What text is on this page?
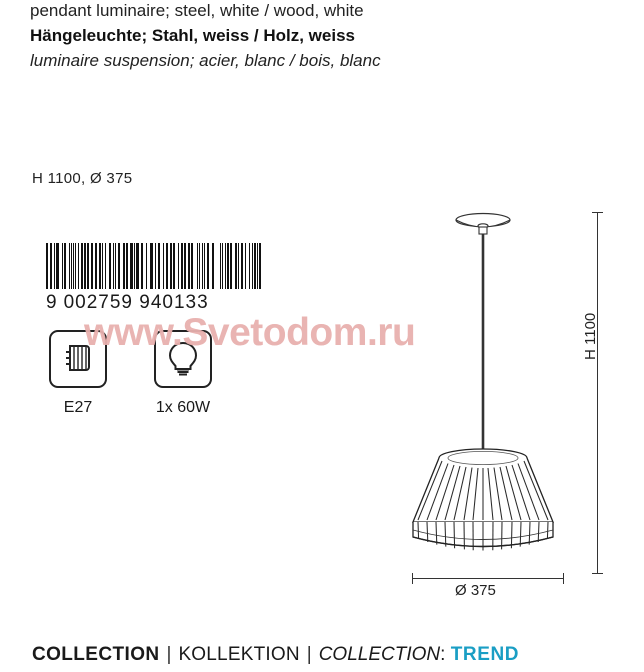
pendant luminaire; steel, white / wood, white
Hängeleuchte; Stahl, weiss / Holz, weiss
luminaire suspension; acier, blanc / bois, blanc
H 1100, Ø 375
9 002759 940133
E27	1x 60W
www.Svetodom.ru	H 1100
Ø 375
COLLECTION | KOLLEKTION | COLLECTION: TREND
